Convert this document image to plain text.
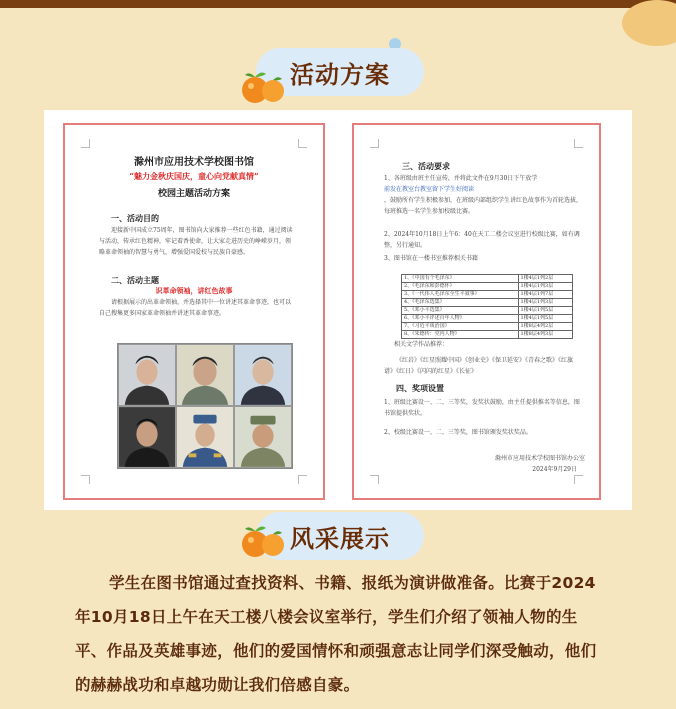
活动方案
滁州市应用技术学校图书馆
“魅力金秋庆国庆，童心向党献真情”
校园主题活动方案
一、活动目的
迎接新中国成立75周年，图书馆向大家推荐一些红色书籍，通过阅读与活动，传承红色精神，牢记着香使命，让大家走进历史的峥嵘岁月，领略革命领袖的智慧与勇气，增强爱国爱校与民族自豪感。
二、活动主题
识革命领袖，讲红色故事
请根据展示的出革命领袖，并选择其中一位讲述其革命事迹，也可以自己搜集更多国家革命领袖并讲述其革命事迹。
三、活动要求
1、各班级由班主任宣传，并将此文件在9月30日下午放学
前发在教室台教室留下学生好阅读
，鼓励所有学生积极参加，在班级内部组织学生讲红色故事作为首轮选拔，每班推选一名学生参加校级比赛。
2、2024年10月18日上午6：40在天工二楼会议室进行校级比赛，如有调整，另行通知。
3、图书馆在一楼书室推荐相关书籍
1、《中国有个毛泽东》	1楼4层1列2层
2、《毛泽东和彭德怀》	1楼4层1列3层
3、《一代伟人毛泽东全生平叙事》	1楼4层1列7层
4、《毛泽东选集》	1楼4层1列3层
5、《邓小平选集》	1楼4层1列5层
6、《邓小平评述百年人物》	1楼4层1列5层
7、《习近平谈治国》	1楼8层4列2层
8、《朱德传：党内人物》	1楼8层4列3层
相关文学作品推荐：
《红岩》《红星照耀中国》《创业史》《保卫延安》《青春之歌》《红旗谱》《红日》《闪闪的红星》《长征》
四、奖项设置
1、班级比赛设一、二、三等奖，发奖状鼓励，由主任提供推名等信息，图书馆提供奖状。
2、校级比赛设一、二、三等奖，图书馆颁发奖状奖品。
滁州市应用技术学校图书馆办公室
2024年9月29日
风采展示
学生在图书馆通过查找资料、书籍、报纸为演讲做准备。比赛于2024年10月18日上午在天工楼八楼会议室举行，学生们介绍了领袖人物的生平、作品及英雄事迹，他们的爱国情怀和顽强意志让同学们深受触动，他们的赫赫战功和卓越功勋让我们倍感自豪。
